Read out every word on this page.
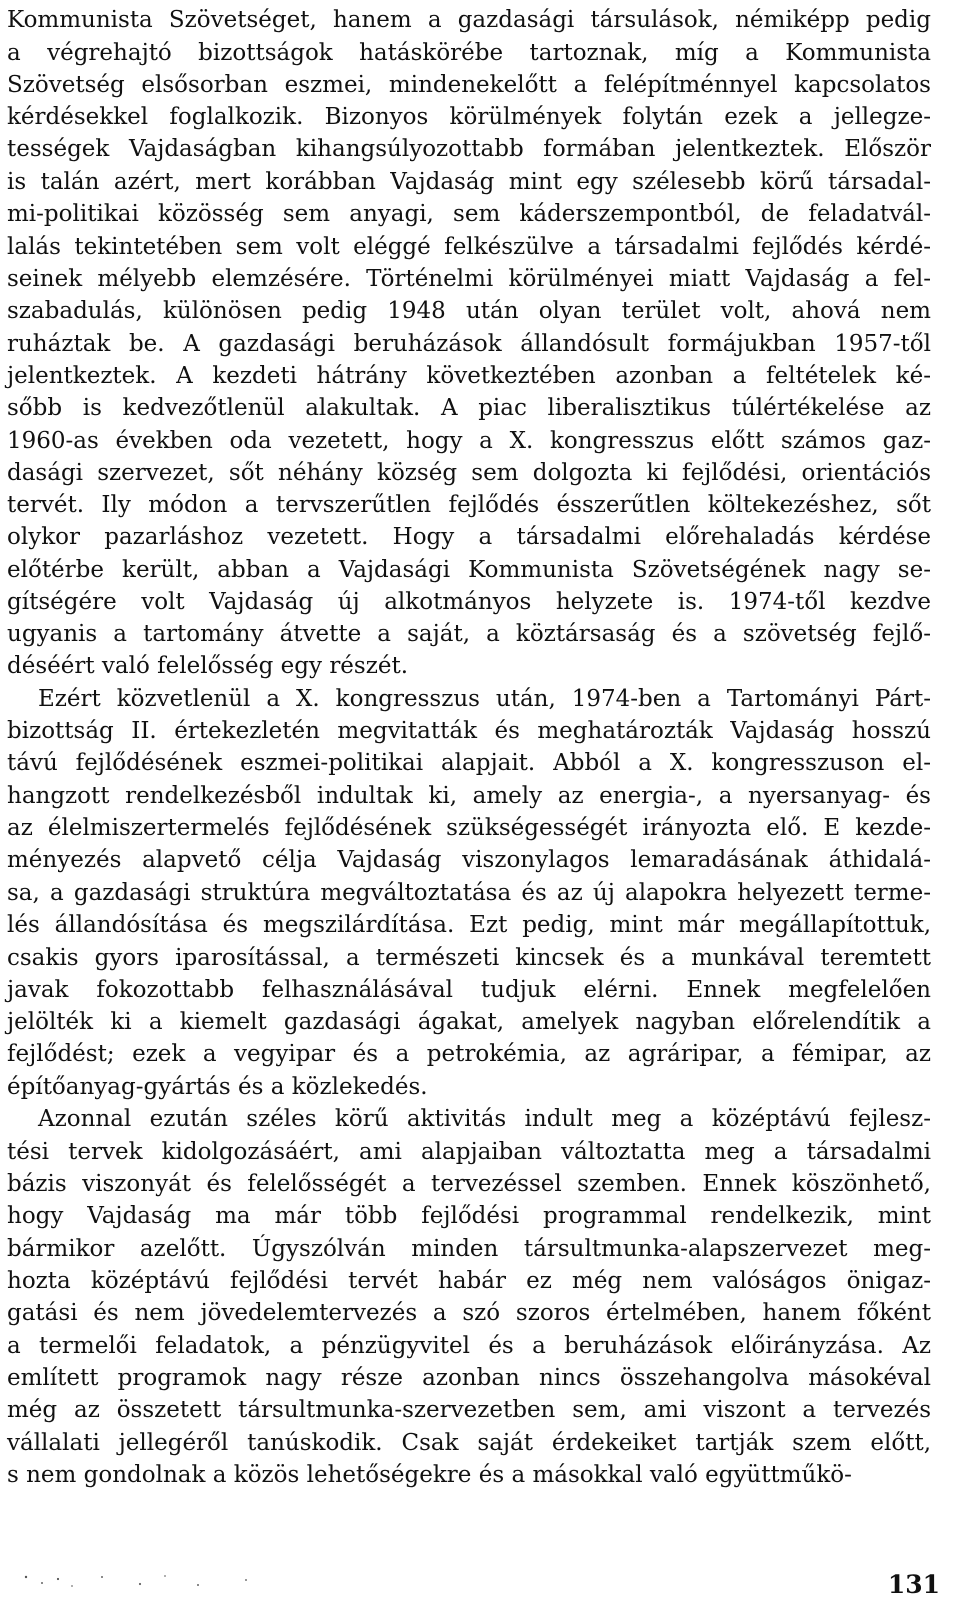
Kommunista Szövetséget, hanem a gazdasági társulások, némiképp pedig
a végrehajtó bizottságok hatáskörébe tartoznak, míg a Kommunista
Szövetség elsősorban eszmei, mindenekelőtt a felépítménnyel kapcsolatos
kérdésekkel foglalkozik. Bizonyos körülmények folytán ezek a jellegze-
tességek Vajdaságban kihangsúlyozottabb formában jelentkeztek. Először
is talán azért, mert korábban Vajdaság mint egy szélesebb körű társadal-
mi-politikai közösség sem anyagi, sem káderszempontból, de feladatvál-
lalás tekintetében sem volt eléggé felkészülve a társadalmi fejlődés kérdé-
seinek mélyebb elemzésére. Történelmi körülményei miatt Vajdaság a fel-
szabadulás, különösen pedig 1948 után olyan terület volt, ahová nem
ruháztak be. A gazdasági beruházások állandósult formájukban 1957-től
jelentkeztek. A kezdeti hátrány következtében azonban a feltételek ké-
sőbb is kedvezőtlenül alakultak. A piac liberalisztikus túlértékelése az
1960-as években oda vezetett, hogy a X. kongresszus előtt számos gaz-
dasági szervezet, sőt néhány község sem dolgozta ki fejlődési, orientációs
tervét. Ily módon a tervszerűtlen fejlődés ésszerűtlen költekezéshez, sőt
olykor pazarláshoz vezetett. Hogy a társadalmi előrehaladás kérdése
előtérbe került, abban a Vajdasági Kommunista Szövetségének nagy se-
gítségére volt Vajdaság új alkotmányos helyzete is. 1974-től kezdve
ugyanis a tartomány átvette a saját, a köztársaság és a szövetség fejlő-
déséért való felelősség egy részét.
Ezért közvetlenül a X. kongresszus után, 1974-ben a Tartományi Párt-
bizottság II. értekezletén megvitatták és meghatározták Vajdaság hosszú
távú fejlődésének eszmei-politikai alapjait. Abból a X. kongresszuson el-
hangzott rendelkezésből indultak ki, amely az energia-, a nyersanyag- és
az élelmiszertermelés fejlődésének szükségességét irányozta elő. E kezde-
ményezés alapvető célja Vajdaság viszonylagos lemaradásának áthidalá-
sa, a gazdasági struktúra megváltoztatása és az új alapokra helyezett terme-
lés állandósítása és megszilárdítása. Ezt pedig, mint már megállapítottuk,
csakis gyors iparosítással, a természeti kincsek és a munkával teremtett
javak fokozottabb felhasználásával tudjuk elérni. Ennek megfelelően
jelölték ki a kiemelt gazdasági ágakat, amelyek nagyban előrelendítik a
fejlődést; ezek a vegyipar és a petrokémia, az agráripar, a fémipar, az
építőanyag-gyártás és a közlekedés.
Azonnal ezután széles körű aktivitás indult meg a középtávú fejlesz-
tési tervek kidolgozásáért, ami alapjaiban változtatta meg a társadalmi
bázis viszonyát és felelősségét a tervezéssel szemben. Ennek köszönhető,
hogy Vajdaság ma már több fejlődési programmal rendelkezik, mint
bármikor azelőtt. Úgyszólván minden társultmunka-alapszervezet meg-
hozta középtávú fejlődési tervét habár ez még nem valóságos önigaz-
gatási és nem jövedelemtervezés a szó szoros értelmében, hanem főként
a termelői feladatok, a pénzügyvitel és a beruházások előirányzása. Az
említett programok nagy része azonban nincs összehangolva másokéval
még az összetett társultmunka-szervezetben sem, ami viszont a tervezés
vállalati jellegéről tanúskodik. Csak saját érdekeiket tartják szem előtt,
s nem gondolnak a közös lehetőségekre és a másokkal való együttműkö-
131
